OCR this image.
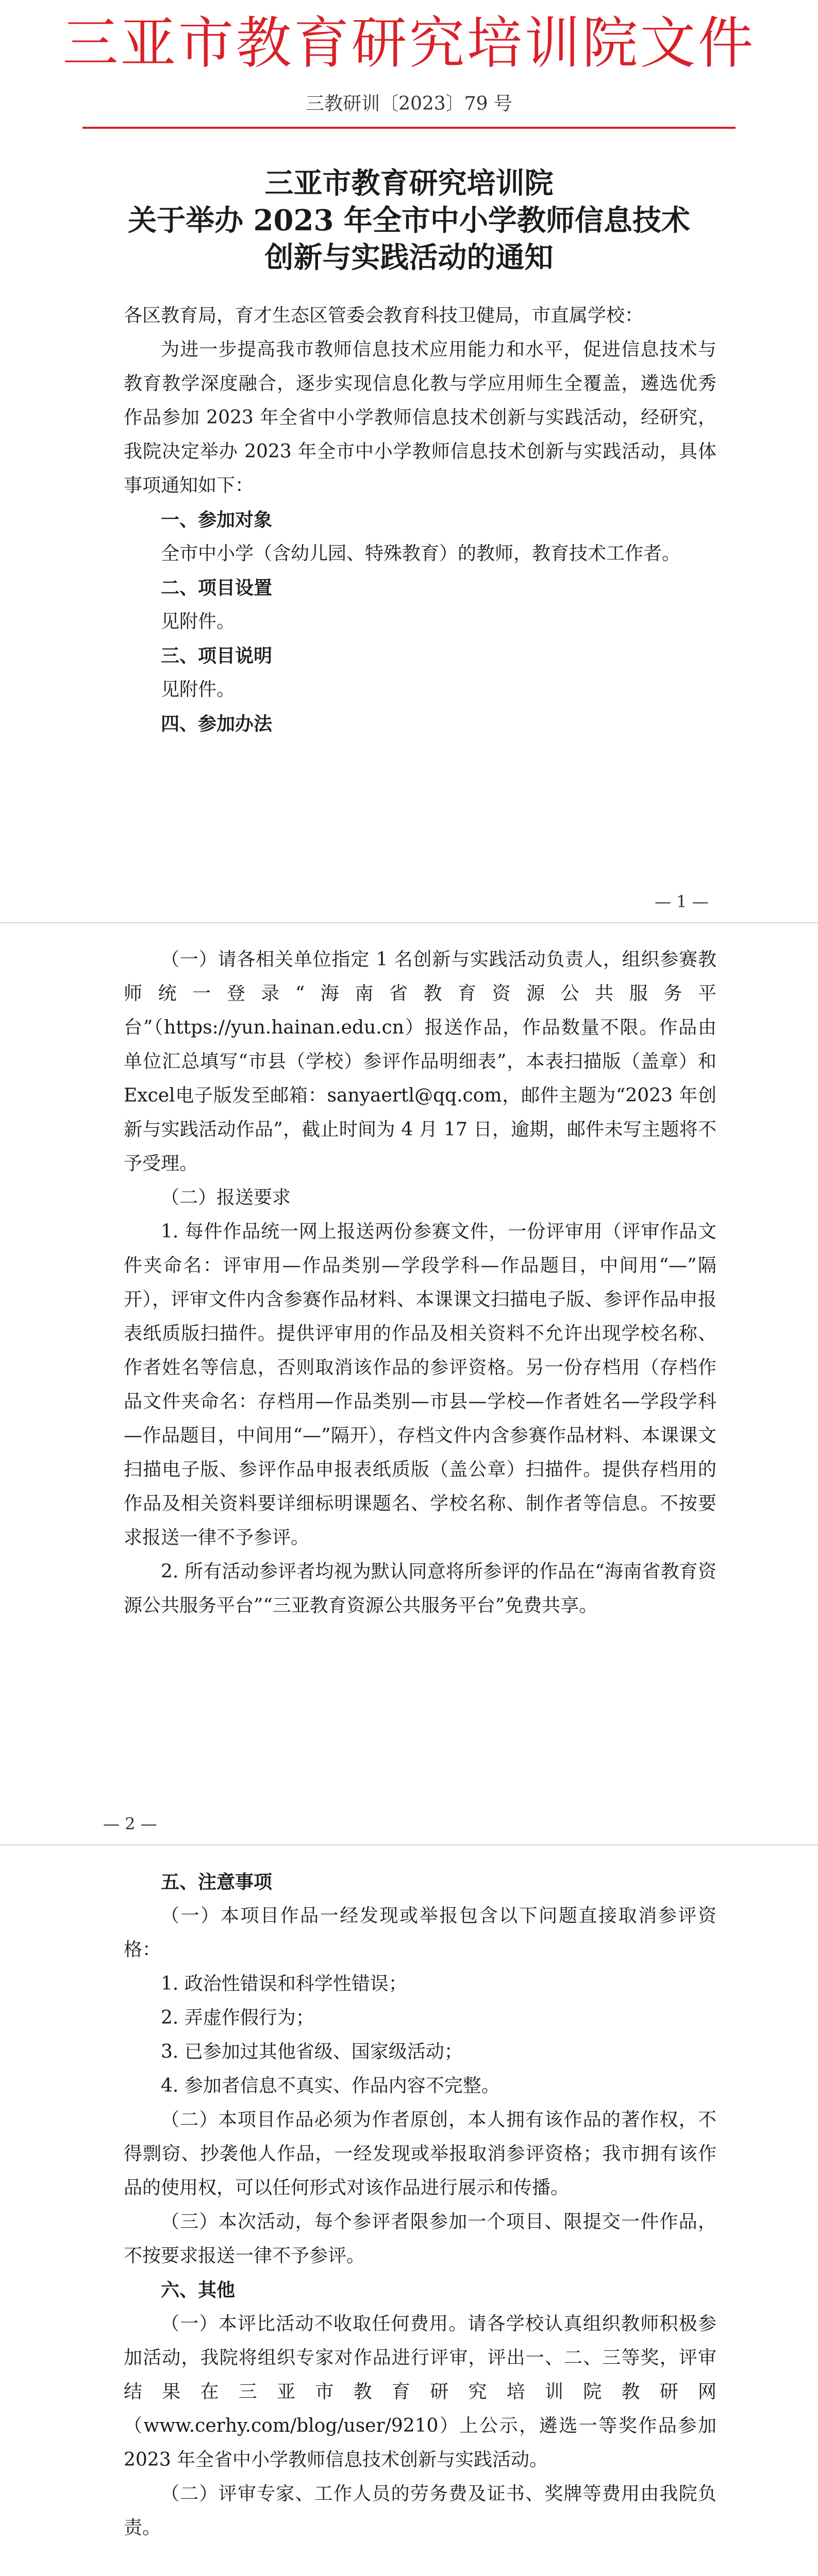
三亚市教育研究培训院文件
三教研训〔2023〕79 号
三亚市教育研究培训院
关于举办 2023 年全市中小学教师信息技术
创新与实践活动的通知

各区教育局，育才生态区管委会教育科技卫健局，市直属学校：

为进一步提高我市教师信息技术应用能力和水平，促进信息技术与教育教学深度融合，逐步实现信息化教与学应用师生全覆盖，遴选优秀作品参加 2023 年全省中小学教师信息技术创新与实践活动，经研究，我院决定举办 2023 年全市中小学教师信息技术创新与实践活动，具体事项通知如下：

一、参加对象

全市中小学（含幼儿园、特殊教育）的教师，教育技术工作者。

二、项目设置

见附件。

三、项目说明

见附件。

四、参加办法

— 1 —

（一）请各相关单位指定 1 名创新与实践活动负责人，组织参赛教师统一登录“海南省教育资源公共服务平台”（https://yun.hainan.edu.cn）报送作品，作品数量不限。作品由单位汇总填写“市县（学校）参评作品明细表”，本表扫描版（盖章）和Excel电子版发至邮箱：sanyaertl@qq.com，邮件主题为“2023 年创新与实践活动作品”，截止时间为 4 月 17 日，逾期，邮件未写主题将不予受理。

（二）报送要求

1. 每件作品统一网上报送两份参赛文件，一份评审用（评审作品文件夹命名：评审用—作品类别—学段学科—作品题目，中间用“—”隔开），评审文件内含参赛作品材料、本课课文扫描电子版、参评作品申报表纸质版扫描件。提供评审用的作品及相关资料不允许出现学校名称、作者姓名等信息，否则取消该作品的参评资格。另一份存档用（存档作品文件夹命名：存档用—作品类别—市县—学校—作者姓名—学段学科—作品题目，中间用“—”隔开），存档文件内含参赛作品材料、本课课文扫描电子版、参评作品申报表纸质版（盖公章）扫描件。提供存档用的作品及相关资料要详细标明课题名、学校名称、制作者等信息。不按要求报送一律不予参评。

2. 所有活动参评者均视为默认同意将所参评的作品在“海南省教育资源公共服务平台”“三亚教育资源公共服务平台”免费共享。

— 2 —

五、注意事项

（一）本项目作品一经发现或举报包含以下问题直接取消参评资格：

1. 政治性错误和科学性错误；

2. 弄虚作假行为；

3. 已参加过其他省级、国家级活动；

4. 参加者信息不真实、作品内容不完整。

（二）本项目作品必须为作者原创，本人拥有该作品的著作权，不得剽窃、抄袭他人作品，一经发现或举报取消参评资格；我市拥有该作品的使用权，可以任何形式对该作品进行展示和传播。

（三）本次活动，每个参评者限参加一个项目、限提交一件作品，不按要求报送一律不予参评。

六、其他

（一）本评比活动不收取任何费用。请各学校认真组织教师积极参加活动，我院将组织专家对作品进行评审，评出一、二、三等奖，评审结果在三亚市教育研究培训院教研网（www.cerhy.com/blog/user/9210）上公示，遴选一等奖作品参加 2023 年全省中小学教师信息技术创新与实践活动。

（二）评审专家、工作人员的劳务费及证书、奖牌等费用由我院负责。
